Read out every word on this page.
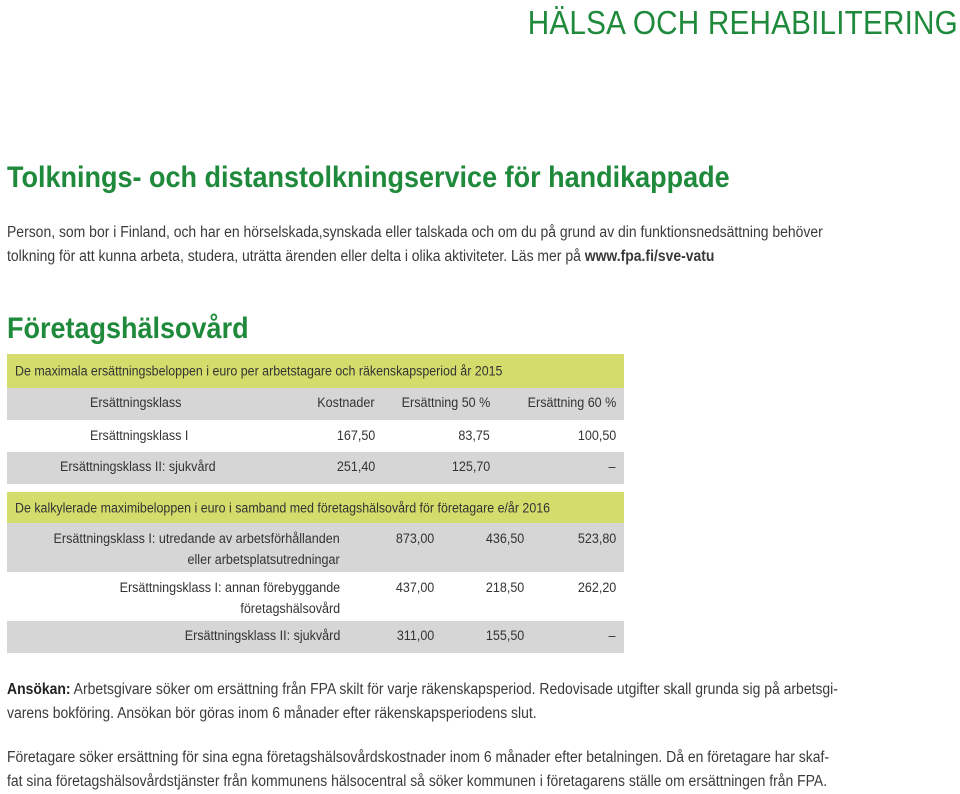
HÄLSA OCH REHABILITERING
Tolknings- och distanstolkningservice för handikappade
Person, som bor i Finland, och har en hörselskada,synskada eller talskada och om du på grund av din funktionsnedsättning behöver
tolkning för att kunna arbeta, studera, uträtta ärenden eller delta i olika aktiviteter. Läs mer på www.fpa.fi/sve-vatu
Företagshälsovård
De maximala ersättningsbeloppen i euro per arbetstagare och räkenskapsperiod år 2015
Ersättningsklass	Kostnader Ersättning 50 %	Ersättning 60 %
Ersättningsklass I	167,50	83,75	100,50
Ersättningsklass II: sjukvård	251,40	125,70	–
De kalkylerade maximibeloppen i euro i samband med företagshälsovård för företagare e/år 2016
Ersättningsklass I: utredande av arbetsförhållanden
eller arbetsplatsutredningar
873,00	436,50	523,80
Ersättningsklass I: annan förebyggande
företagshälsovård
437,00	218,50	262,20
Ersättningsklass II: sjukvård	311,00	155,50	–
Ansökan: Arbetsgivare söker om ersättning från FPA skilt för varje räkenskapsperiod. Redovisade utgifter skall grunda sig på arbetsgi-
varens bokföring. Ansökan bör göras inom 6 månader efter räkenskapsperiodens slut.
Företagare söker ersättning för sina egna företagshälsovårdskostnader inom 6 månader efter betalningen. Då en företagare har skaf-
fat sina företagshälsovårdstjänster från kommunens hälsocentral så söker kommunen i företagarens ställe om ersättningen från FPA.
